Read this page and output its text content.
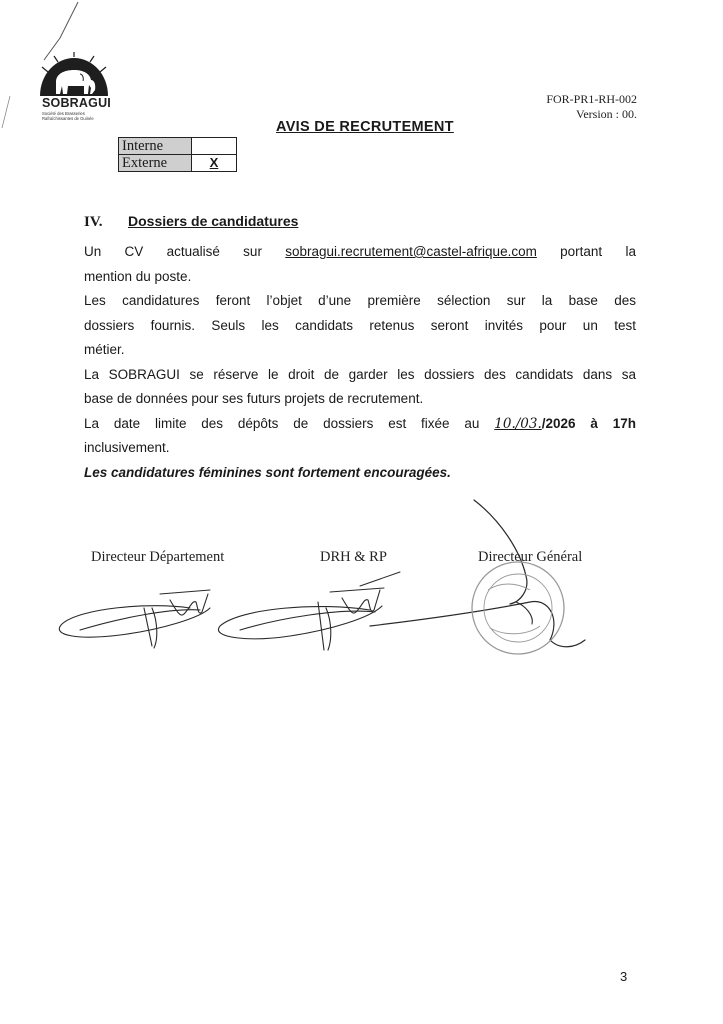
SOBRAGUI
Société des Brasseries Rafraîchissantes de Guinée
FOR-PR1-RH-002
Version : 00.
AVIS DE RECRUTEMENT
Interne	
Externe	X
IV. Dossiers de candidatures

Un CV actualisé sur sobragui.recrutement@castel-afrique.com portant la

mention du poste.

Les candidatures feront l’objet d’une première sélection sur la base des

dossiers fournis. Seuls les candidats retenus seront invités pour un test

métier.

La SOBRAGUI se réserve le droit de garder les dossiers des candidats dans sa

base de données pour ses futurs projets de recrutement.

La date limite des dépôts de dossiers est fixée au 10./03./2026 à 17h

inclusivement.

Les candidatures féminines sont fortement encouragées.

Directeur Département	DRH & RP	Directeur Général
3
